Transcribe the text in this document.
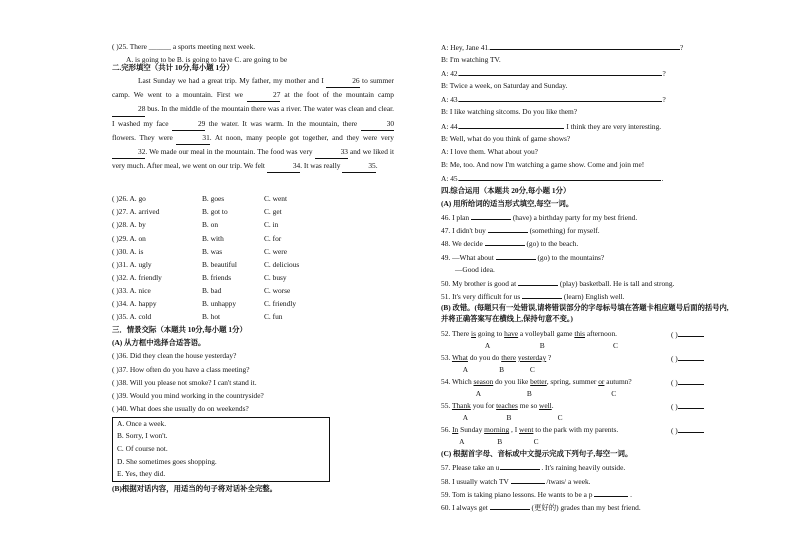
( )25. There ______ a sports meeting next week.
A. is going to be B. is going to have C. are going to be
二.完形填空（共计 10分,每小题 1分）
Last Sunday we had a great trip. My father, my mother and I	26 to summer camp. We went to a mountain. First we	27 at the foot of the mountain camp 28 bus. In the middle of the mountain there was a river. The water was clean and clear. I washed my face	29 the water. It was warm. In the mountain, there	30 flowers. They were	31. At noon, many people got together, and they were very 32. We made our meal in the mountain. The food was very	33 and we liked it very much. After meal, we went on our trip. We felt	34. It was really	35.
( )26. A. go	B. goes	C. went
( )27. A. arrived	B. got to	C. get
( )28. A. by	B. on	C. in
( )29. A. on	B. with	C. for
( )30. A. is	B. was	C. were
( )31. A. ugly	B. beautiful	C. delicious
( )32. A. friendly	B. friends	C. busy
( )33. A. nice	B. bad	C. worse
( )34. A. happy	B. unhappy	C. friendly
( )35. A. cold	B. hot	C. fun
三．情景交际（本题共 10分,每小题 1分）
(A) 从方框中选择合适答语。
( )36. Did they clean the house yesterday?
( )37. How often do you have a class meeting?
( )38. Will you please not smoke? I can't stand it.
( )39. Would you mind working in the countryside?
( )40. What does she usually do on weekends?
A. Once a week.
B. Sorry, I won't.
C. Of course not.
D. She sometimes goes shopping.
E. Yes, they did.
(B)根据对话内容，用适当的句子将对话补全完整。
A: Hey, Jane 41.	?
B: I'm watching TV.
A: 42.	?
B: Twice a week, on Saturday and Sunday.
A: 43.	?
B: I like watching sitcoms. Do you like them?
A: 44.	I think they are very interesting.
B: Well, what do you think of game shows?
A: I love them. What about you?
B: Me, too. And now I'm watching a game show. Come and join me!
A: 45.	.
四.综合运用（本题共 20分,每小题 1分）
(A) 用所给词的适当形式填空,每空一词。
46. I plan	(have) a birthday party for my best friend.
47. I didn't buy	(something) for myself.
48. We decide	(go) to the beach.
49. —What about	(go) to the mountains?
—Good idea.
50. My brother is good at	(play) basketball. He is tall and strong.
51. It's very difficult for us	(learn) English well.
(B) 改错。(每题只有一处错误,请将错误部分的字母标号填在答题卡相应题号后面的括号内,并将正确答案写在横线上,保持句意不变。)
52. There is going to have a volleyball game this afternoon.	( )
A                           B                                     C
53. What do you do there yesterday ?	( )
A                 B              C
54. Which season do you like better, spring, summer or autumn?	( )
A                         B                                           C
55. Thank you for teaches me so well.	( )
A                     B                         C
56. In Sunday morning , I went to the park with my parents.	( )
A                  B                 C
(C) 根据首字母、音标或中文提示完成下列句子,每空一词。
57. Please take an u	. It's raining heavily outside.
58. I usually watch TV	/twaɪs/ a week.
59. Tom is taking piano lessons. He wants to be a p	.
60. I always get	(更好的) grades than my best friend.
